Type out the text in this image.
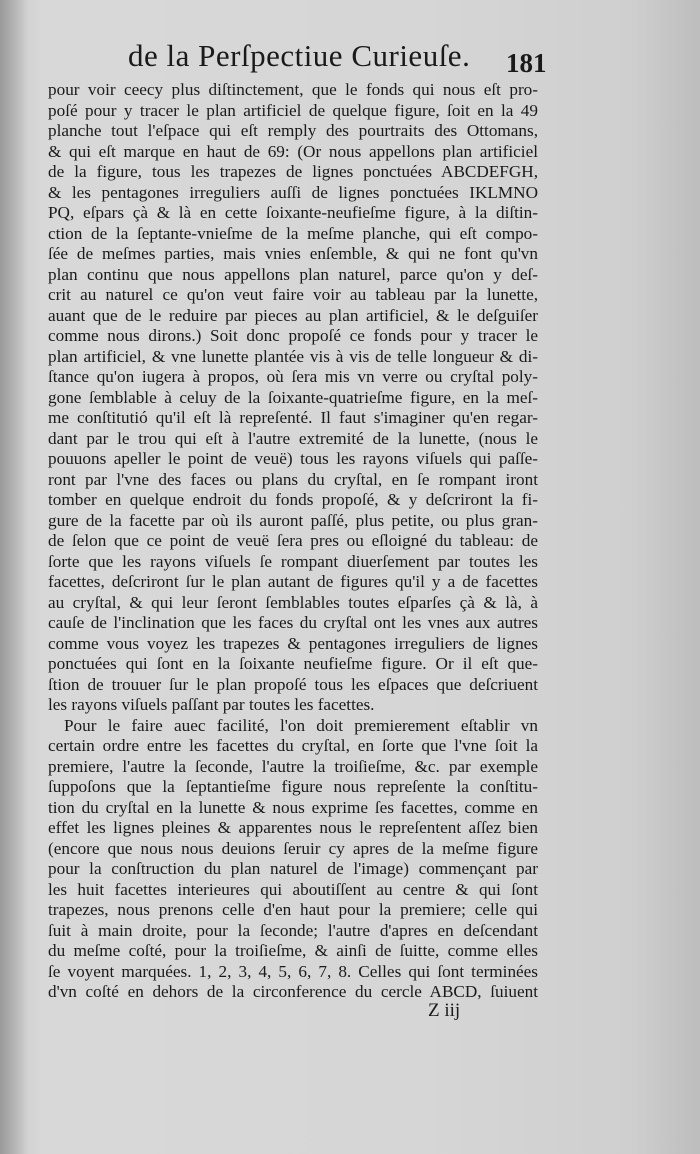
de la Perſpectiue Curieuſe.	181
pour voir ceecy plus diſtinctement, que le fonds qui nous eſt pro-
poſé pour y tracer le plan artificiel de quelque figure, ſoit en la 49
planche tout l'eſpace qui eſt remply des pourtraits des Ottomans,
& qui eſt marque en haut de 69: (Or nous appellons plan artificiel
de la figure, tous les trapezes de lignes ponctuées ABCDEFGH,
& les pentagones irreguliers auſſi de lignes ponctuées IKLMNO
PQ, eſpars çà & là en cette ſoixante-neufieſme figure, à la diſtin-
ction de la ſeptante-vnieſme de la meſme planche, qui eſt compo-
ſée de meſmes parties, mais vnies enſemble, & qui ne font qu'vn
plan continu que nous appellons plan naturel, parce qu'on y deſ-
crit au naturel ce qu'on veut faire voir au tableau par la lunette,
auant que de le reduire par pieces au plan artificiel, & le deſguiſer
comme nous dirons.) Soit donc propoſé ce fonds pour y tracer le
plan artificiel, & vne lunette plantée vis à vis de telle longueur & di-
ſtance qu'on iugera à propos, où ſera mis vn verre ou cryſtal poly-
gone ſemblable à celuy de la ſoixante-quatrieſme figure, en la meſ-
me conſtitutió qu'il eſt là repreſenté. Il faut s'imaginer qu'en regar-
dant par le trou qui eſt à l'autre extremité de la lunette, (nous le
pouuons apeller le point de veuë) tous les rayons viſuels qui paſſe-
ront par l'vne des faces ou plans du cryſtal, en ſe rompant iront
tomber en quelque endroit du fonds propoſé, & y deſcriront la fi-
gure de la facette par où ils auront paſſé, plus petite, ou plus gran-
de ſelon que ce point de veuë ſera pres ou eſloigné du tableau: de
ſorte que les rayons viſuels ſe rompant diuerſement par toutes les
facettes, deſcriront ſur le plan autant de figures qu'il y a de facettes
au cryſtal, & qui leur ſeront ſemblables toutes eſparſes çà & là, à
cauſe de l'inclination que les faces du cryſtal ont les vnes aux autres
comme vous voyez les trapezes & pentagones irreguliers de lignes
ponctuées qui ſont en la ſoixante neufieſme figure. Or il eſt que-
ſtion de trouuer ſur le plan propoſé tous les eſpaces que deſcriuent
les rayons viſuels paſſant par toutes les facettes.
Pour le faire auec facilité, l'on doit premierement eſtablir vn
certain ordre entre les facettes du cryſtal, en ſorte que l'vne ſoit la
premiere, l'autre la ſeconde, l'autre la troiſieſme, &c. par exemple
ſuppoſons que la ſeptantieſme figure nous repreſente la conſtitu-
tion du cryſtal en la lunette & nous exprime ſes facettes, comme en
effet les lignes pleines & apparentes nous le repreſentent aſſez bien
(encore que nous nous deuions ſeruir cy apres de la meſme figure
pour la conſtruction du plan naturel de l'image) commençant par
les huit facettes interieures qui aboutiſſent au centre & qui ſont
trapezes, nous prenons celle d'en haut pour la premiere; celle qui
ſuit à main droite, pour la ſeconde; l'autre d'apres en deſcendant
du meſme coſté, pour la troiſieſme, & ainſi de ſuitte, comme elles
ſe voyent marquées. 1, 2, 3, 4, 5, 6, 7, 8. Celles qui ſont terminées
d'vn coſté en dehors de la circonference du cercle ABCD, ſuiuent
Z iij
